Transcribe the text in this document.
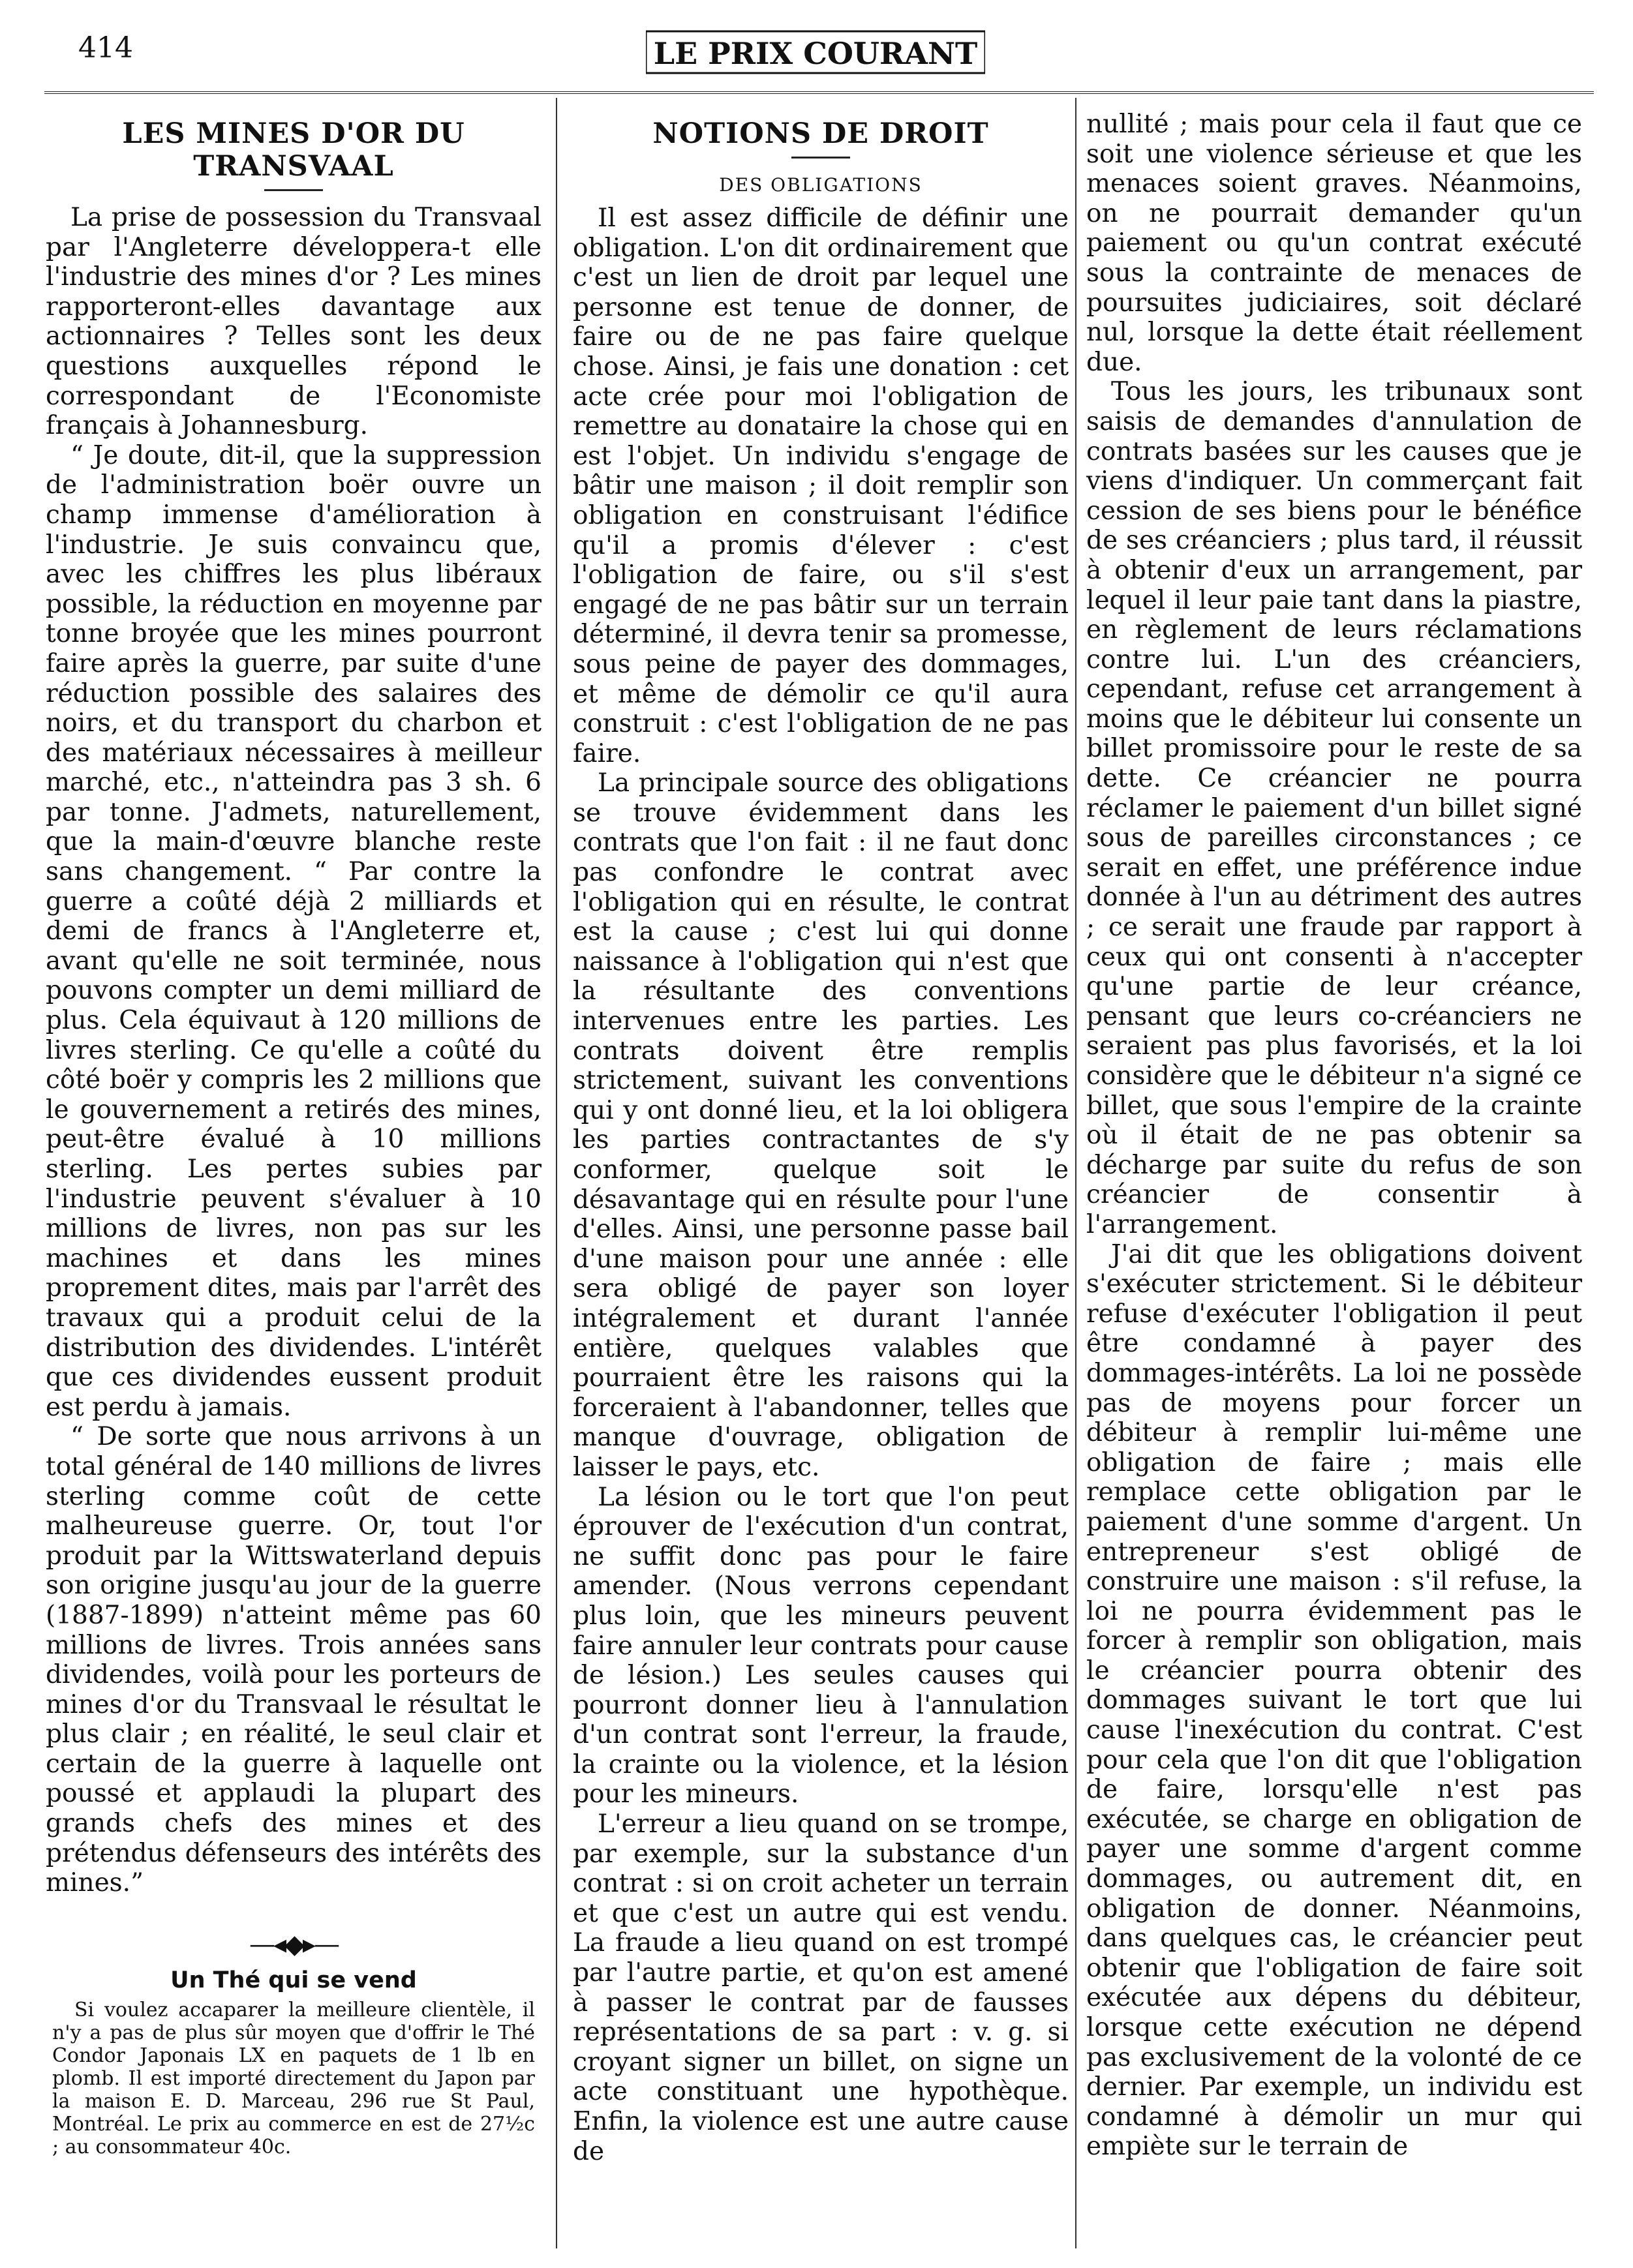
414	LE PRIX COURANT
LES MINES D'OR DU TRANSVAAL

La prise de possession du Transvaal par l'Angleterre développera-t elle l'industrie des mines d'or ? Les mines rapporteront-elles davantage aux actionnaires ? Telles sont les deux questions auxquelles répond le correspondant de l'Economiste français à Johannesburg.

“ Je doute, dit-il, que la suppression de l'administration boër ouvre un champ immense d'amélioration à l'industrie. Je suis convaincu que, avec les chiffres les plus libéraux possible, la réduction en moyenne par tonne broyée que les mines pourront faire après la guerre, par suite d'une réduction possible des salaires des noirs, et du transport du charbon et des matériaux nécessaires à meilleur marché, etc., n'atteindra pas 3 sh. 6 par tonne. J'admets, naturellement, que la main-d'œuvre blanche reste sans changement. “ Par contre la guerre a coûté déjà 2 milliards et demi de francs à l'Angleterre et, avant qu'elle ne soit terminée, nous pouvons compter un demi milliard de plus. Cela équivaut à 120 millions de livres sterling. Ce qu'elle a coûté du côté boër y compris les 2 millions que le gouvernement a retirés des mines, peut-être évalué à 10 millions sterling. Les pertes subies par l'industrie peuvent s'évaluer à 10 millions de livres, non pas sur les machines et dans les mines proprement dites, mais par l'arrêt des travaux qui a produit celui de la distribution des dividendes. L'intérêt que ces dividendes eussent produit est perdu à jamais.

“ De sorte que nous arrivons à un total général de 140 millions de livres sterling comme coût de cette malheureuse guerre. Or, tout l'or produit par la Wittswaterland depuis son origine jusqu'au jour de la guerre (1887-1899) n'atteint même pas 60 millions de livres. Trois années sans dividendes, voilà pour les porteurs de mines d'or du Transvaal le résultat le plus clair ; en réalité, le seul clair et certain de la guerre à laquelle ont poussé et applaudi la plupart des grands chefs des mines et des prétendus défenseurs des intérêts des mines.”

—◂◆▸—
Un Thé qui se vend

Si voulez accaparer la meilleure clientèle, il n'y a pas de plus sûr moyen que d'offrir le Thé Condor Japonais LX en paquets de 1 lb en plomb. Il est importé directement du Japon par la maison E. D. Marceau, 296 rue St Paul, Montréal. Le prix au commerce en est de 27½c ; au consommateur 40c.

NOTIONS DE DROIT
DES OBLIGATIONS

Il est assez difficile de définir une obligation. L'on dit ordinairement que c'est un lien de droit par lequel une personne est tenue de donner, de faire ou de ne pas faire quelque chose. Ainsi, je fais une donation : cet acte crée pour moi l'obligation de remettre au donataire la chose qui en est l'objet. Un individu s'engage de bâtir une maison ; il doit remplir son obligation en construisant l'édifice qu'il a promis d'élever : c'est l'obligation de faire, ou s'il s'est engagé de ne pas bâtir sur un terrain déterminé, il devra tenir sa promesse, sous peine de payer des dommages, et même de démolir ce qu'il aura construit : c'est l'obligation de ne pas faire.

La principale source des obligations se trouve évidemment dans les contrats que l'on fait : il ne faut donc pas confondre le contrat avec l'obligation qui en résulte, le contrat est la cause ; c'est lui qui donne naissance à l'obligation qui n'est que la résultante des conventions intervenues entre les parties. Les contrats doivent être remplis strictement, suivant les conventions qui y ont donné lieu, et la loi obligera les parties contractantes de s'y conformer, quelque soit le désavantage qui en résulte pour l'une d'elles. Ainsi, une personne passe bail d'une maison pour une année : elle sera obligé de payer son loyer intégralement et durant l'année entière, quelques valables que pourraient être les raisons qui la forceraient à l'abandonner, telles que manque d'ouvrage, obligation de laisser le pays, etc.

La lésion ou le tort que l'on peut éprouver de l'exécution d'un contrat, ne suffit donc pas pour le faire amender. (Nous verrons cependant plus loin, que les mineurs peuvent faire annuler leur contrats pour cause de lésion.) Les seules causes qui pourront donner lieu à l'annulation d'un contrat sont l'erreur, la fraude, la crainte ou la violence, et la lésion pour les mineurs.

L'erreur a lieu quand on se trompe, par exemple, sur la substance d'un contrat : si on croit acheter un terrain et que c'est un autre qui est vendu. La fraude a lieu quand on est trompé par l'autre partie, et qu'on est amené à passer le contrat par de fausses représentations de sa part : v. g. si croyant signer un billet, on signe un acte constituant une hypothèque. Enfin, la violence est une autre cause de

nullité ; mais pour cela il faut que ce soit une violence sérieuse et que les menaces soient graves. Néanmoins, on ne pourrait demander qu'un paiement ou qu'un contrat exécuté sous la contrainte de menaces de poursuites judiciaires, soit déclaré nul, lorsque la dette était réellement due.

Tous les jours, les tribunaux sont saisis de demandes d'annulation de contrats basées sur les causes que je viens d'indiquer. Un commerçant fait cession de ses biens pour le bénéfice de ses créanciers ; plus tard, il réussit à obtenir d'eux un arrangement, par lequel il leur paie tant dans la piastre, en règlement de leurs réclamations contre lui. L'un des créanciers, cependant, refuse cet arrangement à moins que le débiteur lui consente un billet promissoire pour le reste de sa dette. Ce créancier ne pourra réclamer le paiement d'un billet signé sous de pareilles circonstances ; ce serait en effet, une préférence indue donnée à l'un au détriment des autres ; ce serait une fraude par rapport à ceux qui ont consenti à n'accepter qu'une partie de leur créance, pensant que leurs co-créanciers ne seraient pas plus favorisés, et la loi considère que le débiteur n'a signé ce billet, que sous l'empire de la crainte où il était de ne pas obtenir sa décharge par suite du refus de son créancier de consentir à l'arrangement.

J'ai dit que les obligations doivent s'exécuter strictement. Si le débiteur refuse d'exécuter l'obligation il peut être condamné à payer des dommages-intérêts. La loi ne possède pas de moyens pour forcer un débiteur à remplir lui-même une obligation de faire ; mais elle remplace cette obligation par le paiement d'une somme d'argent. Un entrepreneur s'est obligé de construire une maison : s'il refuse, la loi ne pourra évidemment pas le forcer à remplir son obligation, mais le créancier pourra obtenir des dommages suivant le tort que lui cause l'inexécution du contrat. C'est pour cela que l'on dit que l'obligation de faire, lorsqu'elle n'est pas exécutée, se charge en obligation de payer une somme d'argent comme dommages, ou autrement dit, en obligation de donner. Néanmoins, dans quelques cas, le créancier peut obtenir que l'obligation de faire soit exécutée aux dépens du débiteur, lorsque cette exécution ne dépend pas exclusivement de la volonté de ce dernier. Par exemple, un individu est condamné à démolir un mur qui empiète sur le terrain de
